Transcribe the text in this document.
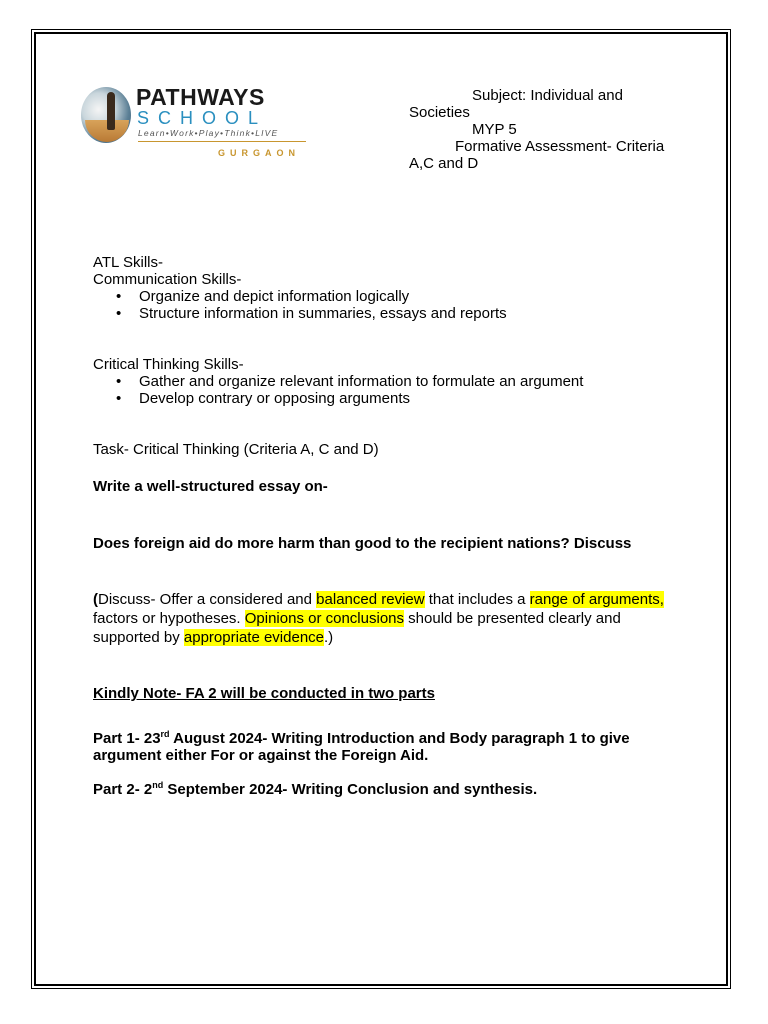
PATHWAYS
SCHOOL
Learn•Work•Play•Think•LIVE
GURGAON
Subject: Individual and
Societies
MYP 5
Formative Assessment- Criteria
A,C and D

ATL Skills-

Communication Skills-

• Organize and depict information logically
• Structure information in summaries, essays and reports

Critical Thinking Skills-

• Gather and organize relevant information to formulate an argument
• Develop contrary or opposing arguments

Task- Critical Thinking (Criteria A, C and D)

Write a well-structured essay on-

Does foreign aid do more harm than good to the recipient nations? Discuss

(Discuss- Offer a considered and balanced review that includes a range of arguments, factors or hypotheses. Opinions or conclusions should be presented clearly and supported by appropriate evidence.)

Kindly Note- FA 2 will be conducted in two parts

Part 1- 23rd August 2024- Writing Introduction and Body paragraph 1 to give argument either For or against the Foreign Aid.

Part 2- 2nd September 2024- Writing Conclusion and synthesis.
